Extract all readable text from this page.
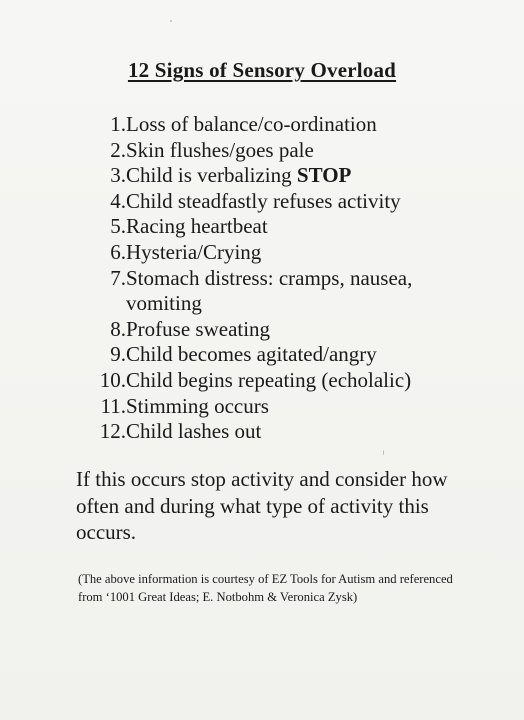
12 Signs of Sensory Overload
1. Loss of balance/co-ordination
2. Skin flushes/goes pale
3. Child is verbalizing STOP
4. Child steadfastly refuses activity
5. Racing heartbeat
6. Hysteria/Crying
7. Stomach distress: cramps, nausea, vomiting
8. Profuse sweating
9. Child becomes agitated/angry
10. Child begins repeating (echolalic)
11. Stimming occurs
12. Child lashes out

If this occurs stop activity and consider how often and during what type of activity this occurs.

(The above information is courtesy of EZ Tools for Autism and referenced from ‘1001 Great Ideas; E. Notbohm & Veronica Zysk)
